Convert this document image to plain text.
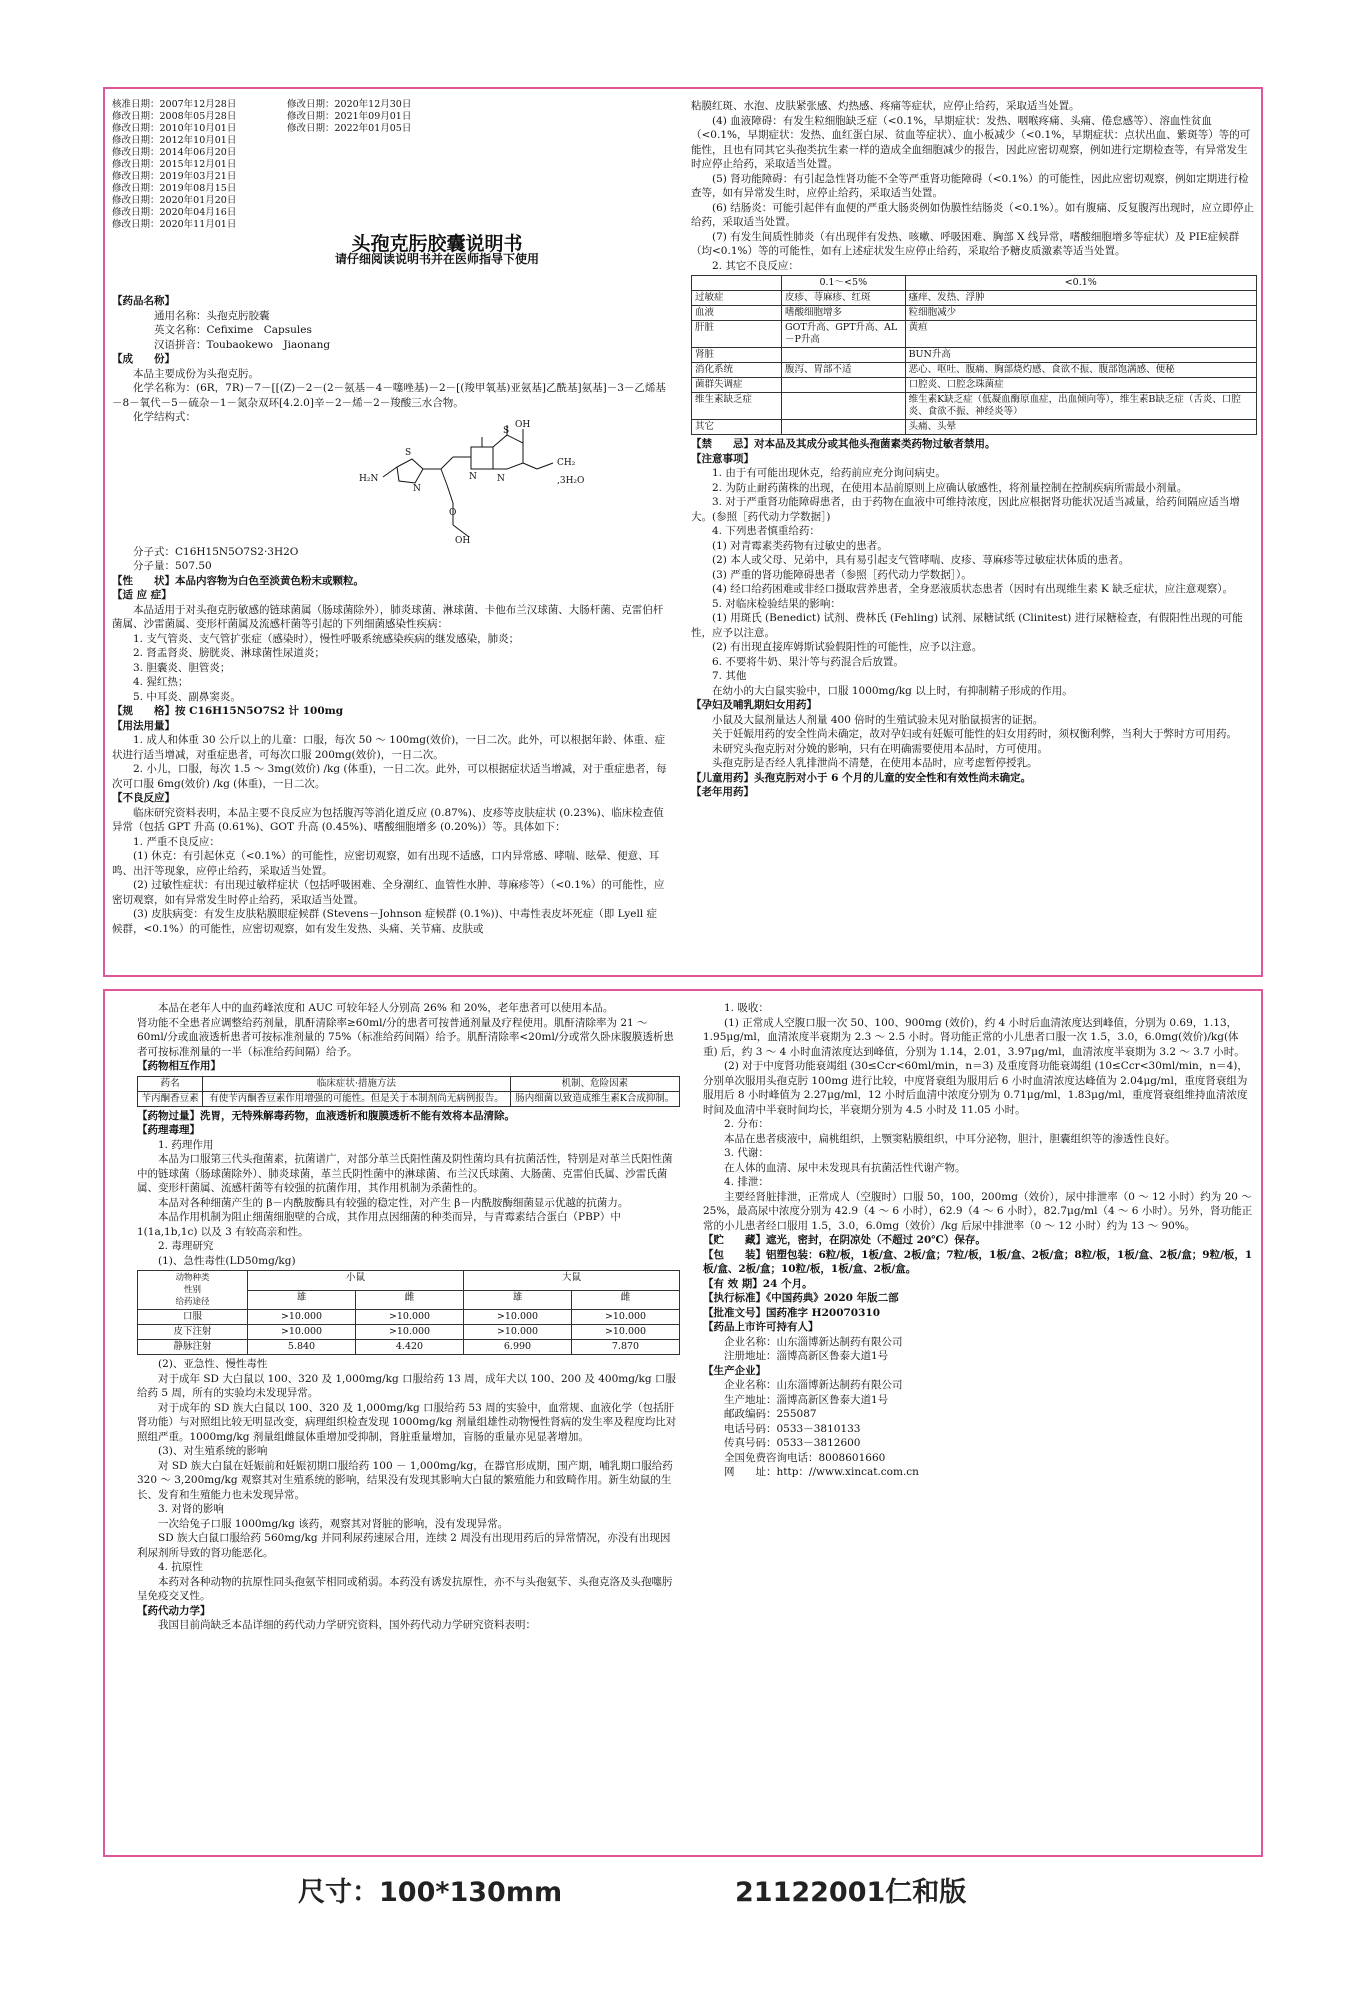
核准日期：2007年12月28日	修改日期：2020年12月30日
修改日期：2008年05月28日	修改日期：2021年09月01日
修改日期：2010年10月01日	修改日期：2022年01月05日
修改日期：2012年10月01日
修改日期：2014年06月20日
修改日期：2015年12月01日
修改日期：2019年03月21日
修改日期：2019年08月15日
修改日期：2020年01月20日
修改日期：2020年04月16日
修改日期：2020年11月01日
头孢克肟胶囊说明书
请仔细阅读说明书并在医师指导下使用

【药品名称】

通用名称：头孢克肟胶囊

英文名称：Cefixime　Capsules

汉语拼音：Toubaokewo　Jiaonang

【成　　份】

本品主要成份为头孢克肟。

化学名称为：(6R，7R)－7－[[(Z)－2－(2－氨基－4－噻唑基)－2－[(羧甲氧基)亚氨基]乙酰基]氨基]－3－乙烯基－8－氧代－5－硫杂－1－氮杂双环[4.2.0]辛－2－烯－2－羧酸三水合物。

化学结构式：

H₂N
S
N
O
OH
N N
S
OH
CH₂
,3H₂O

分子式：C16H15N5O7S2·3H2O

分子量：507.50

【性　　状】本品内容物为白色至淡黄色粉末或颗粒。

【适 应 症】

本品适用于对头孢克肟敏感的链球菌属（肠球菌除外），肺炎球菌、淋球菌、卡他布兰汉球菌、大肠杆菌、克雷伯杆菌属、沙雷菌属、变形杆菌属及流感杆菌等引起的下列细菌感染性疾病：

1. 支气管炎、支气管扩张症（感染时），慢性呼吸系统感染疾病的继发感染，肺炎；

2. 肾盂肾炎、膀胱炎、淋球菌性尿道炎；

3. 胆囊炎、胆管炎；

4. 猩红热；

5. 中耳炎、副鼻窦炎。

【规　　格】按 C16H15N5O7S2 计 100mg

【用法用量】

1. 成人和体重 30 公斤以上的儿童：口服，每次 50 ～ 100mg(效价)，一日二次。此外，可以根据年龄、体重、症状进行适当增减，对重症患者，可每次口服 200mg(效价)，一日二次。

2. 小儿，口服，每次 1.5 ～ 3mg(效价) /kg (体重)，一日二次。此外，可以根据症状适当增减，对于重症患者，每次可口服 6mg(效价) /kg (体重)，一日二次。

【不良反应】

临床研究资料表明，本品主要不良反应为包括腹泻等消化道反应 (0.87%)、皮疹等皮肤症状 (0.23%)、临床检查值异常（包括 GPT 升高 (0.61%)、GOT 升高 (0.45%)、嗜酸细胞增多 (0.20%)）等。具体如下：

1. 严重不良反应：

(1) 休克：有引起休克（<0.1%）的可能性，应密切观察，如有出现不适感，口内异常感、哮喘、眩晕、便意、耳鸣、出汗等现象，应停止给药，采取适当处置。

(2) 过敏性症状：有出现过敏样症状（包括呼吸困难、全身潮红、血管性水肿、荨麻疹等）（<0.1%）的可能性，应密切观察，如有异常发生时停止给药，采取适当处置。

(3) 皮肤病变：有发生皮肤粘膜眼症候群 (Stevens－Johnson 症候群 (0.1%))、中毒性表皮坏死症（即 Lyell 症候群，<0.1%）的可能性，应密切观察，如有发生发热、头痛、关节痛、皮肤或

粘膜红斑、水泡、皮肤紧张感、灼热感、疼痛等症状，应停止给药，采取适当处置。

(4) 血液障碍：有发生粒细胞缺乏症（<0.1%，早期症状：发热、咽喉疼痛、头痛、倦怠感等）、溶血性贫血（<0.1%，早期症状：发热、血红蛋白尿、贫血等症状）、血小板减少（<0.1%，早期症状：点状出血、紫斑等）等的可能性，且也有同其它头孢类抗生素一样的造成全血细胞减少的报告，因此应密切观察，例如进行定期检查等，有异常发生时应停止给药，采取适当处置。

(5) 肾功能障碍：有引起急性肾功能不全等严重肾功能障碍（<0.1%）的可能性，因此应密切观察，例如定期进行检查等，如有异常发生时，应停止给药，采取适当处置。

(6) 结肠炎：可能引起伴有血便的严重大肠炎例如伪膜性结肠炎（<0.1%）。如有腹痛、反复腹泻出现时，应立即停止给药，采取适当处置。

(7) 有发生间质性肺炎（有出现伴有发热、咳嗽、呼吸困难、胸部 X 线异常，嗜酸细胞增多等症状）及 PIE症候群（均<0.1%）等的可能性，如有上述症状发生应停止给药，采取给予糖皮质激素等适当处置。

2. 其它不良反应：

	0.1～<5%	<0.1%
过敏症	皮疹、荨麻疹、红斑	瘙痒、发热、浮肿
血液	嗜酸细胞增多	粒细胞减少
肝脏	GOT升高、GPT升高、AL－P升高	黄疸
肾脏		BUN升高
消化系统	腹泻、胃部不适	恶心、呕吐、腹痛、胸部烧灼感、食欲不振、腹部饱满感、便秘
菌群失调症		口腔炎、口腔念珠菌症
维生素缺乏症		维生素K缺乏症（低凝血酶原血症，出血倾向等），维生素B缺乏症（舌炎、口腔炎、食欲不振、神经炎等）
其它		头痛、头晕

【禁　　忌】对本品及其成分或其他头孢菌素类药物过敏者禁用。

【注意事项】

1. 由于有可能出现休克，给药前应充分询问病史。

2. 为防止耐药菌株的出现，在使用本品前原则上应确认敏感性，将剂量控制在控制疾病所需最小剂量。

3. 对于严重肾功能障碍患者，由于药物在血液中可维持浓度，因此应根据肾功能状况适当减量，给药间隔应适当增大。(参照［药代动力学数据］)

4. 下列患者慎重给药：

(1) 对青霉素类药物有过敏史的患者。

(2) 本人或父母、兄弟中，具有易引起支气管哮喘、皮疹、荨麻疹等过敏症状体质的患者。

(3) 严重的肾功能障碍患者（参照［药代动力学数据］）。

(4) 经口给药困难或非经口摄取营养患者，全身恶液质状态患者（因时有出现维生素 K 缺乏症状，应注意观察）。

5. 对临床检验结果的影响：

(1) 用斑氏 (Benedict) 试剂、费林氏 (Fehling) 试剂、尿糖试纸 (Clinitest) 进行尿糖检查，有假阳性出现的可能性，应予以注意。

(2) 有出现直接库姆斯试验假阳性的可能性，应予以注意。

6. 不要将牛奶、果汁等与药混合后放置。

7. 其他

在幼小的大白鼠实验中，口服 1000mg/kg 以上时，有抑制精子形成的作用。

【孕妇及哺乳期妇女用药】

小鼠及大鼠剂量达人剂量 400 倍时的生殖试验未见对胎鼠损害的证据。

关于妊娠用药的安全性尚未确定，故对孕妇或有妊娠可能性的妇女用药时，须权衡利弊，当利大于弊时方可用药。

未研究头孢克肟对分娩的影响，只有在明确需要使用本品时，方可使用。

头孢克肟是否经人乳排泄尚不清楚，在使用本品时，应考虑暂停授乳。

【儿童用药】头孢克肟对小于 6 个月的儿童的安全性和有效性尚未确定。

【老年用药】

本品在老年人中的血药峰浓度和 AUC 可较年轻人分别高 26% 和 20%，老年患者可以使用本品。

肾功能不全患者应调整给药剂量，肌酐清除率≥60ml/分的患者可按普通剂量及疗程使用。肌酐清除率为 21 ～ 60ml/分或血液透析患者可按标准剂量的 75%（标准给药间隔）给予。肌酐清除率<20ml/分或常久卧床腹膜透析患者可按标准剂量的一半（标准给药间隔）给予。

【药物相互作用】

药名	临床症状·措施方法	机制、危险因素
苄丙酮香豆素	有使苄丙酮香豆素作用增强的可能性。但是关于本制剂尚无病例报告。	肠内细菌以致造成维生素K合成抑制。

【药物过量】洗胃，无特殊解毒药物，血液透析和腹膜透析不能有效将本品清除。

【药理毒理】

1. 药理作用

本品为口服第三代头孢菌素，抗菌谱广，对部分革兰氏阳性菌及阴性菌均具有抗菌活性，特别是对革兰氏阳性菌中的链球菌（肠球菌除外）、肺炎球菌，革兰氏阴性菌中的淋球菌、布兰汉氏球菌、大肠菌、克雷伯氏属、沙雷氏菌属、变形杆菌属、流感杆菌等有较强的抗菌作用，其作用机制为杀菌性的。

本品对各种细菌产生的 β－内酰胺酶具有较强的稳定性，对产生 β－内酰胺酶细菌显示优越的抗菌力。

本品作用机制为阻止细菌细胞壁的合成，其作用点因细菌的种类而异，与青霉素结合蛋白（PBP）中 1(1a,1b,1c) 以及 3 有较高亲和性。

2. 毒理研究

(1)、急性毒性(LD50mg/kg)

动物种类
性别
给药途径	小鼠		大鼠	
	雄	雌	雄	雌
口服	>10.000	>10.000	>10.000	>10.000
皮下注射	>10.000	>10.000	>10.000	>10.000
静脉注射	5.840	4.420	6.990	7.870

(2)、亚急性、慢性毒性

对于成年 SD 大白鼠以 100、320 及 1,000mg/kg 口服给药 13 周，成年犬以 100、200 及 400mg/kg 口服给药 5 周，所有的实验均未发现异常。

对于成年的 SD 族大白鼠以 100、320 及 1,000mg/kg 口服给药 53 周的实验中，血常规、血液化学（包括肝肾功能）与对照组比较无明显改变，病理组织检查发现 1000mg/kg 剂量组雄性动物慢性肾病的发生率及程度均比对照组严重。1000mg/kg 剂量组雌鼠体重增加受抑制，肾脏重量增加，盲肠的重量亦见显著增加。

(3)、对生殖系统的影响

对 SD 族大白鼠在妊娠前和妊娠初期口服给药 100 － 1,000mg/kg，在器官形成期，围产期，哺乳期口服给药 320 ～ 3,200mg/kg 观察其对生殖系统的影响，结果没有发现其影响大白鼠的繁殖能力和致畸作用。新生幼鼠的生长、发育和生殖能力也未发现异常。

3. 对肾的影响

一次给兔子口服 1000mg/kg 该药，观察其对肾脏的影响，没有发现异常。

SD 族大白鼠口服给药 560mg/kg 并同利尿药速尿合用，连续 2 周没有出现用药后的异常情况，亦没有出现因利尿剂所导致的肾功能恶化。

4. 抗原性

本药对各种动物的抗原性同头孢氨苄相同或稍弱。本药没有诱发抗原性，亦不与头孢氨苄、头孢克洛及头孢噻肟呈免疫交叉性。

【药代动力学】

我国目前尚缺乏本品详细的药代动力学研究资料，国外药代动力学研究资料表明：

1. 吸收：

(1) 正常成人空腹口服一次 50、100、900mg (效价)，约 4 小时后血清浓度达到峰值，分别为 0.69，1.13，1.95μg/ml，血清浓度半衰期为 2.3 ～ 2.5 小时。肾功能正常的小儿患者口服一次 1.5，3.0，6.0mg(效价)/kg(体重) 后，约 3 ～ 4 小时血清浓度达到峰值，分别为 1.14，2.01，3.97μg/ml，血清浓度半衰期为 3.2 ～ 3.7 小时。

(2) 对于中度肾功能衰竭组 (30≤Ccr<60ml/min，n＝3) 及重度肾功能衰竭组 (10≤Ccr<30ml/min，n＝4)，分别单次服用头孢克肟 100mg 进行比较，中度肾衰组为服用后 6 小时血清浓度达峰值为 2.04μg/ml，重度肾衰组为服用后 8 小时峰值为 2.27μg/ml，12 小时后血清中浓度分别为 0.71μg/ml，1.83μg/ml，重度肾衰组维持血清浓度时间及血清中半衰时间均长，半衰期分别为 4.5 小时及 11.05 小时。

2. 分布：

本品在患者痰液中，扁桃组织，上颚窦粘膜组织，中耳分泌物，胆汁，胆囊组织等的渗透性良好。

3. 代谢：

在人体的血清、尿中未发现具有抗菌活性代谢产物。

4. 排泄：

主要经肾脏排泄，正常成人（空腹时）口服 50，100，200mg（效价），尿中排泄率（0 ～ 12 小时）约为 20 ～ 25%，最高尿中浓度分别为 42.9（4 ～ 6 小时），62.9（4 ～ 6 小时），82.7μg/ml（4 ～ 6 小时）。另外，肾功能正常的小儿患者经口服用 1.5，3.0，6.0mg（效价）/kg 后尿中排泄率（0 ～ 12 小时）约为 13 ～ 90%。

【贮　　藏】遮光，密封，在阴凉处（不超过 20℃）保存。

【包　　装】铝塑包装：6粒/板，1板/盒、2板/盒；7粒/板，1板/盒、2板/盒；8粒/板，1板/盒、2板/盒；9粒/板，1板/盒、2板/盒；10粒/板，1板/盒、2板/盒。

【有 效 期】24 个月。

【执行标准】《中国药典》2020 年版二部

【批准文号】国药准字 H20070310

【药品上市许可持有人】

企业名称：山东淄博新达制药有限公司

注册地址：淄博高新区鲁泰大道1号

【生产企业】

企业名称：山东淄博新达制药有限公司

生产地址：淄博高新区鲁泰大道1号

邮政编码：255087

电话号码：0533－3810133

传真号码：0533－3812600

全国免费咨询电话：8008601660

网　　址：http：//www.xincat.com.cn

尺寸：100*130mm	21122001仁和版
